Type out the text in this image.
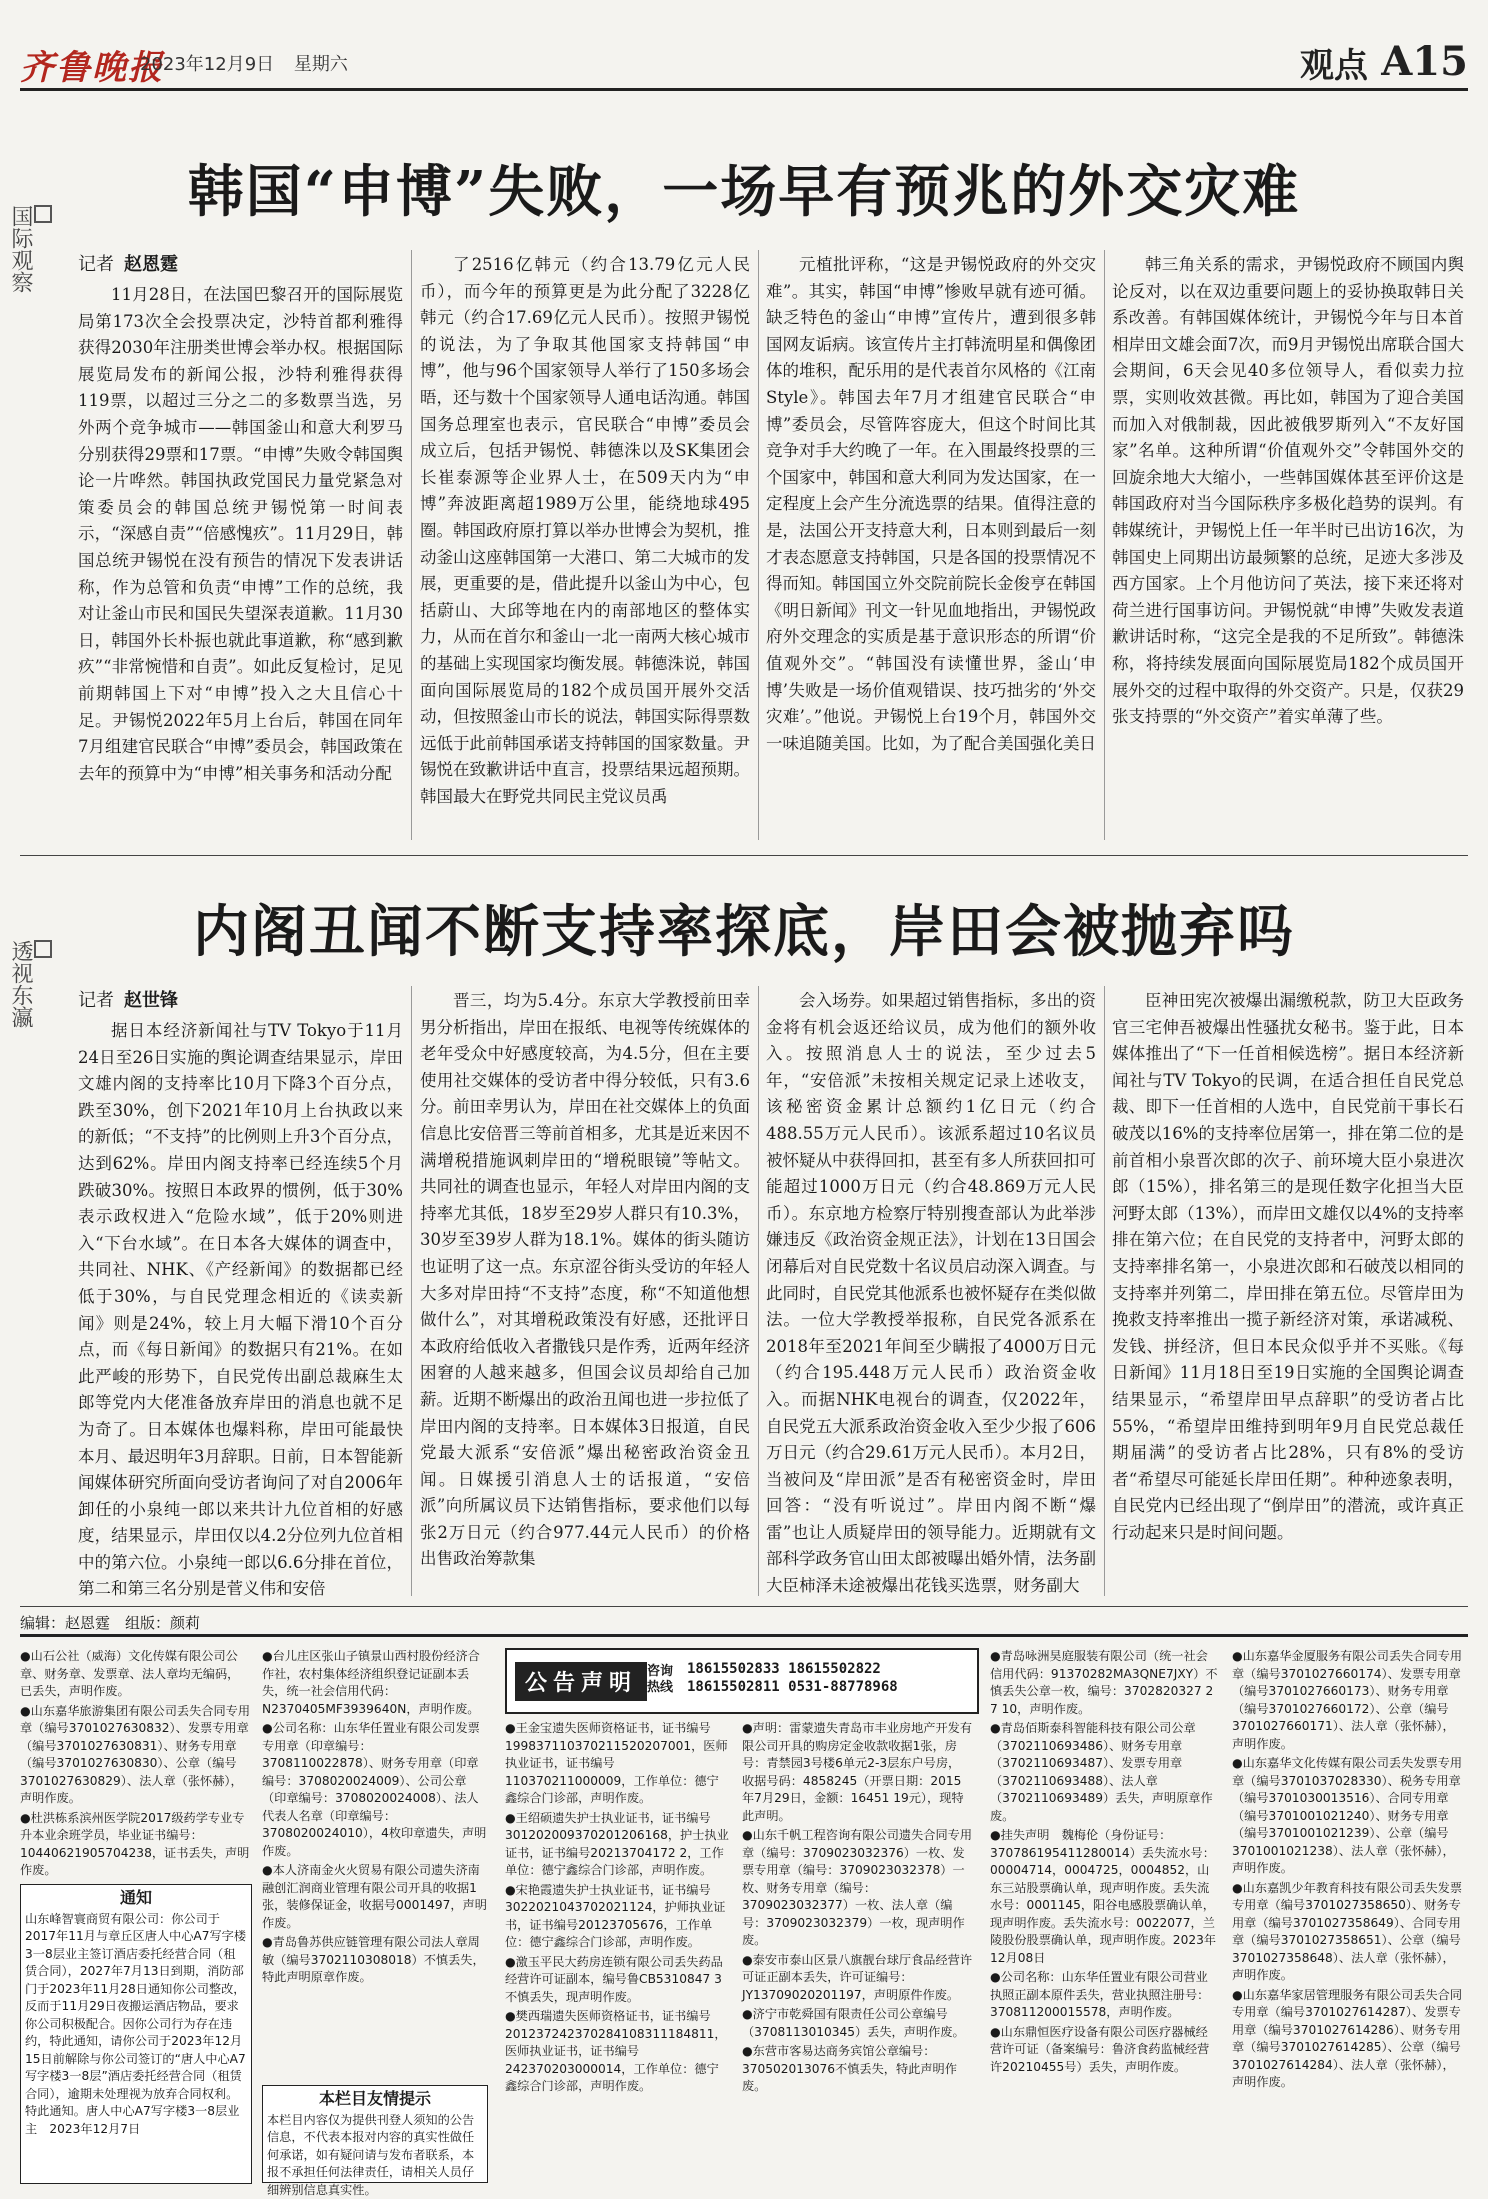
齐鲁晚报
2023年12月9日 星期六	观点 A15
国际观察
韩国“申博”失败，一场早有预兆的外交灾难
记者 赵恩霆

11月28日，在法国巴黎召开的国际展览局第173次全会投票决定，沙特首都利雅得获得2030年注册类世博会举办权。根据国际展览局发布的新闻公报，沙特利雅得获得119票，以超过三分之二的多数票当选，另外两个竞争城市——韩国釜山和意大利罗马分别获得29票和17票。“申博”失败令韩国舆论一片哗然。韩国执政党国民力量党紧急对策委员会的韩国总统尹锡悦第一时间表示，“深感自责”“倍感愧疚”。11月29日，韩国总统尹锡悦在没有预告的情况下发表讲话称，作为总管和负责“申博”工作的总统，我对让釜山市民和国民失望深表道歉。11月30日，韩国外长朴振也就此事道歉，称“感到歉疚”“非常惋惜和自责”。如此反复检讨，足见前期韩国上下对“申博”投入之大且信心十足。尹锡悦2022年5月上台后，韩国在同年7月组建官民联合“申博”委员会，韩国政策在去年的预算中为“申博”相关事务和活动分配

了2516亿韩元（约合13.79亿元人民币），而今年的预算更是为此分配了3228亿韩元（约合17.69亿元人民币）。按照尹锡悦的说法，为了争取其他国家支持韩国“申博”，他与96个国家领导人举行了150多场会晤，还与数十个国家领导人通电话沟通。韩国国务总理室也表示，官民联合“申博”委员会成立后，包括尹锡悦、韩德洙以及SK集团会长崔泰源等企业界人士，在509天内为“申博”奔波距离超1989万公里，能绕地球495圈。韩国政府原打算以举办世博会为契机，推动釜山这座韩国第一大港口、第二大城市的发展，更重要的是，借此提升以釜山为中心，包括蔚山、大邱等地在内的南部地区的整体实力，从而在首尔和釜山一北一南两大核心城市的基础上实现国家均衡发展。韩德洙说，韩国面向国际展览局的182个成员国开展外交活动，但按照釜山市长的说法，韩国实际得票数远低于此前韩国承诺支持韩国的国家数量。尹锡悦在致歉讲话中直言，投票结果远超预期。韩国最大在野党共同民主党议员禹

元植批评称，“这是尹锡悦政府的外交灾难”。其实，韩国“申博”惨败早就有迹可循。缺乏特色的釜山“申博”宣传片，遭到很多韩国网友诟病。该宣传片主打韩流明星和偶像团体的堆积，配乐用的是代表首尔风格的《江南Style》。韩国去年7月才组建官民联合“申博”委员会，尽管阵容庞大，但这个时间比其竞争对手大约晚了一年。在入围最终投票的三个国家中，韩国和意大利同为发达国家，在一定程度上会产生分流选票的结果。值得注意的是，法国公开支持意大利，日本则到最后一刻才表态愿意支持韩国，只是各国的投票情况不得而知。韩国国立外交院前院长金俊亨在韩国《明日新闻》刊文一针见血地指出，尹锡悦政府外交理念的实质是基于意识形态的所谓“价值观外交”。“韩国没有读懂世界，釜山‘申博’失败是一场价值观错误、技巧拙劣的‘外交灾难’。”他说。尹锡悦上台19个月，韩国外交一味追随美国。比如，为了配合美国强化美日

韩三角关系的需求，尹锡悦政府不顾国内舆论反对，以在双边重要问题上的妥协换取韩日关系改善。有韩国媒体统计，尹锡悦今年与日本首相岸田文雄会面7次，而9月尹锡悦出席联合国大会期间，6天会见40多位领导人，看似卖力拉票，实则收效甚微。再比如，韩国为了迎合美国而加入对俄制裁，因此被俄罗斯列入“不友好国家”名单。这种所谓“价值观外交”令韩国外交的回旋余地大大缩小，一些韩国媒体甚至评价这是韩国政府对当今国际秩序多极化趋势的误判。有韩媒统计，尹锡悦上任一年半时已出访16次，为韩国史上同期出访最频繁的总统，足迹大多涉及西方国家。上个月他访问了英法，接下来还将对荷兰进行国事访问。尹锡悦就“申博”失败发表道歉讲话时称，“这完全是我的不足所致”。韩德洙称，将持续发展面向国际展览局182个成员国开展外交的过程中取得的外交资产。只是，仅获29张支持票的“外交资产”着实单薄了些。

透视东瀛
内阁丑闻不断支持率探底，岸田会被抛弃吗
记者 赵世锋

据日本经济新闻社与TV Tokyo于11月24日至26日实施的舆论调查结果显示，岸田文雄内阁的支持率比10月下降3个百分点，跌至30%，创下2021年10月上台执政以来的新低；“不支持”的比例则上升3个百分点，达到62%。岸田内阁支持率已经连续5个月跌破30%。按照日本政界的惯例，低于30%表示政权进入“危险水域”，低于20%则进入“下台水域”。在日本各大媒体的调查中，共同社、NHK、《产经新闻》的数据都已经低于30%，与自民党理念相近的《读卖新闻》则是24%，较上月大幅下滑10个百分点，而《每日新闻》的数据只有21%。在如此严峻的形势下，自民党传出副总裁麻生太郎等党内大佬准备放弃岸田的消息也就不足为奇了。日本媒体也爆料称，岸田可能最快本月、最迟明年3月辞职。日前，日本智能新闻媒体研究所面向受访者询问了对自2006年卸任的小泉纯一郎以来共计九位首相的好感度，结果显示，岸田仅以4.2分位列九位首相中的第六位。小泉纯一郎以6.6分排在首位，第二和第三名分别是菅义伟和安倍

晋三，均为5.4分。东京大学教授前田幸男分析指出，岸田在报纸、电视等传统媒体的老年受众中好感度较高，为4.5分，但在主要使用社交媒体的受访者中得分较低，只有3.6分。前田幸男认为，岸田在社交媒体上的负面信息比安倍晋三等前首相多，尤其是近来因不满增税措施讽刺岸田的“增税眼镜”等帖文。共同社的调查也显示，年轻人对岸田内阁的支持率尤其低，18岁至29岁人群只有10.3%，30岁至39岁人群为18.1%。媒体的街头随访也证明了这一点。东京涩谷街头受访的年轻人大多对岸田持“不支持”态度，称“不知道他想做什么”，对其增税政策没有好感，还批评日本政府给低收入者撒钱只是作秀，近两年经济困窘的人越来越多，但国会议员却给自己加薪。近期不断爆出的政治丑闻也进一步拉低了岸田内阁的支持率。日本媒体3日报道，自民党最大派系“安倍派”爆出秘密政治资金丑闻。日媒援引消息人士的话报道，“安倍派”向所属议员下达销售指标，要求他们以每张2万日元（约合977.44元人民币）的价格出售政治筹款集

会入场券。如果超过销售指标，多出的资金将有机会返还给议员，成为他们的额外收入。按照消息人士的说法，至少过去5年，“安倍派”未按相关规定记录上述收支，该秘密资金累计总额约1亿日元（约合488.55万元人民币）。该派系超过10名议员被怀疑从中获得回扣，甚至有多人所获回扣可能超过1000万日元（约合48.869万元人民币）。东京地方检察厅特别搜查部认为此举涉嫌违反《政治资金规正法》，计划在13日国会闭幕后对自民党数十名议员启动深入调查。与此同时，自民党其他派系也被怀疑存在类似做法。一位大学教授举报称，自民党各派系在2018年至2021年间至少瞒报了4000万日元（约合195.448万元人民币）政治资金收入。而据NHK电视台的调查，仅2022年，自民党五大派系政治资金收入至少少报了606万日元（约合29.61万元人民币）。本月2日，当被问及“岸田派”是否有秘密资金时，岸田回答：“没有听说过”。岸田内阁不断“爆雷”也让人质疑岸田的领导能力。近期就有文部科学政务官山田太郎被曝出婚外情，法务副大臣柿泽未途被爆出花钱买选票，财务副大

臣神田宪次被爆出漏缴税款，防卫大臣政务官三宅伸吾被爆出性骚扰女秘书。鉴于此，日本媒体推出了“下一任首相候选榜”。据日本经济新闻社与TV Tokyo的民调，在适合担任自民党总裁、即下一任首相的人选中，自民党前干事长石破茂以16%的支持率位居第一，排在第二位的是前首相小泉晋次郎的次子、前环境大臣小泉进次郎（15%），排名第三的是现任数字化担当大臣河野太郎（13%），而岸田文雄仅以4%的支持率排在第六位；在自民党的支持者中，河野太郎的支持率排名第一，小泉进次郎和石破茂以相同的支持率并列第二，岸田排在第五位。尽管岸田为挽救支持率推出一揽子新经济对策，承诺减税、发钱、拼经济，但日本民众似乎并不买账。《每日新闻》11月18日至19日实施的全国舆论调查结果显示，“希望岸田早点辞职”的受访者占比55%，“希望岸田维持到明年9月自民党总裁任期届满”的受访者占比28%，只有8%的受访者“希望尽可能延长岸田任期”。种种迹象表明，自民党内已经出现了“倒岸田”的潜流，或许真正行动起来只是时间问题。

编辑：赵恩霆　组版：颜莉

●山石公社（威海）文化传媒有限公司公章、财务章、发票章、法人章均无编码，已丢失，声明作废。

●山东嘉华旅游集团有限公司丢失合同专用章（编号3701027630832）、发票专用章（编号3701027630831）、财务专用章（编号3701027630830）、公章（编号3701027630829）、法人章（张怀赫），声明作废。

●杜洪栋系滨州医学院2017级药学专业专升本业余班学员，毕业证书编号：10440621905704238，证书丢失，声明作废。

通知

山东峰智寰商贸有限公司：你公司于2017年11月与章丘区唐人中心A7写字楼3一8层业主签订酒店委托经营合同（租赁合同），2027年7月13日到期，消防部门于2023年11月28日通知你公司整改，反而于11月29日夜搬运酒店物品，要求你公司积极配合。因你公司行为存在违约，特此通知，请你公司于2023年12月15日前解除与你公司签订的“唐人中心A7写字楼3一8层”酒店委托经营合同（租赁合同），逾期未处理视为放弃合同权利。特此通知。唐人中心A7写字楼3一8层业主　2023年12月7日

●台儿庄区张山子镇景山西村股份经济合作社，农村集体经济组织登记证副本丢失，统一社会信用代码：N2370405MF3939640N，声明作废。

●公司名称：山东华任置业有限公司发票专用章（印章编号：3708110022878）、财务专用章（印章编号：3708020024009）、公司公章（印章编号：3708020024008）、法人代表人名章（印章编号：3708020024010），4枚印章遗失，声明作废。

●本人济南金火火贸易有限公司遗失济南融创汇润商业管理有限公司开具的收据1张，装修保证金，收据号0001497，声明作废。

●青岛鲁苏供应链管理有限公司法人章周敏（编号3702110308018）不慎丢失，特此声明原章作废。

本栏目友情提示

本栏目内容仅为提供刊登人须知的公告信息，不代表本报对内容的真实性做任何承诺，如有疑问请与发布者联系，本报不承担任何法律责任，请相关人员仔细辨别信息真实性。

公告声明 咨询热线
18615502833 18615502822
18615502811 0531-88778968

●王金宝遗失医师资格证书，证书编号199837110370211520207001，医师执业证书，证书编号110370211000009，工作单位：德宁鑫综合门诊部，声明作废。

●王绍硕遗失护士执业证书，证书编号301202009370201206168，护士执业证书，证书编号20213704172 2，工作单位：德宁鑫综合门诊部，声明作废。

●宋艳霞遗失护士执业证书，证书编号3022021043702021124，护师执业证书，证书编号20123705676，工作单位：德宁鑫综合门诊部，声明作废。

●激玉平民大药房连锁有限公司丢失药品经营许可证副本，编号鲁CB5310847 3不慎丢失，现声明作废。

●樊西瑞遗失医师资格证书，证书编号201237242370284108311184811，医师执业证书，证书编号242370203000014，工作单位：德宁鑫综合门诊部，声明作废。

●声明：雷蒙遗失青岛市丰业房地产开发有限公司开具的购房定金收款收据1张，房号：青禁园3号楼6单元2-3层东户号房，收据号码：4858245（开票日期：2015年7月29日，金额：16451 19元），现特此声明。

●山东千帆工程咨询有限公司遗失合同专用章（编号：3709023032376）一枚、发票专用章（编号：3709023032378）一枚、财务专用章（编号：3709023032377）一枚、法人章（编号：3709023032379）一枚，现声明作废。

●泰安市泰山区景八旗靓台球厅食品经营许可证正副本丢失，许可证编号：JY13709020201197，声明原件作废。

●济宁市乾舜国有限责任公司公章编号（3708113010345）丢失，声明作废。

●东营市客易达商务宾馆公章编号：370502013076不慎丢失，特此声明作废。

●青岛咏洲昊庭服装有限公司（统一社会信用代码：91370282MA3QNE7JXY）不慎丢失公章一枚，编号：3702820327 2 7 10，声明作废。

●青岛佰斯泰科智能科技有限公司公章（3702110693486）、财务专用章（3702110693487）、发票专用章（3702110693488）、法人章（3702110693489）丢失，声明原章作废。

●挂失声明　魏梅伦（身份证号：370786195411280014）丢失流水号：00004714，0004725，0004852，山东三站股票确认单，现声明作废。丢失流水号：0001145，阳谷电感股票确认单，现声明作废。丢失流水号：0022077，兰陵股份股票确认单，现声明作废。2023年12月08日

●公司名称：山东华任置业有限公司营业执照正副本原件丢失，营业执照注册号：370811200015578，声明作废。

●山东鼎恒医疗设备有限公司医疗器械经营许可证（备案编号：鲁济食药监械经营许20210455号）丢失，声明作废。

●山东嘉华金厦服务有限公司丢失合同专用章（编号3701027660174）、发票专用章（编号3701027660173）、财务专用章（编号3701027660172）、公章（编号3701027660171）、法人章（张怀赫），声明作废。

●山东嘉华文化传媒有限公司丢失发票专用章（编号3701037028330）、税务专用章（编号3701030013516）、合同专用章（编号3701001021240）、财务专用章（编号3701001021239）、公章（编号3701001021238）、法人章（张怀赫），声明作废。

●山东嘉凯少年教育科技有限公司丢失发票专用章（编号3701027358650）、财务专用章（编号3701027358649）、合同专用章（编号3701027358651）、公章（编号3701027358648）、法人章（张怀赫），声明作废。

●山东嘉华家居管理服务有限公司丢失合同专用章（编号3701027614287）、发票专用章（编号3701027614286）、财务专用章（编号3701027614285）、公章（编号3701027614284）、法人章（张怀赫），声明作废。
